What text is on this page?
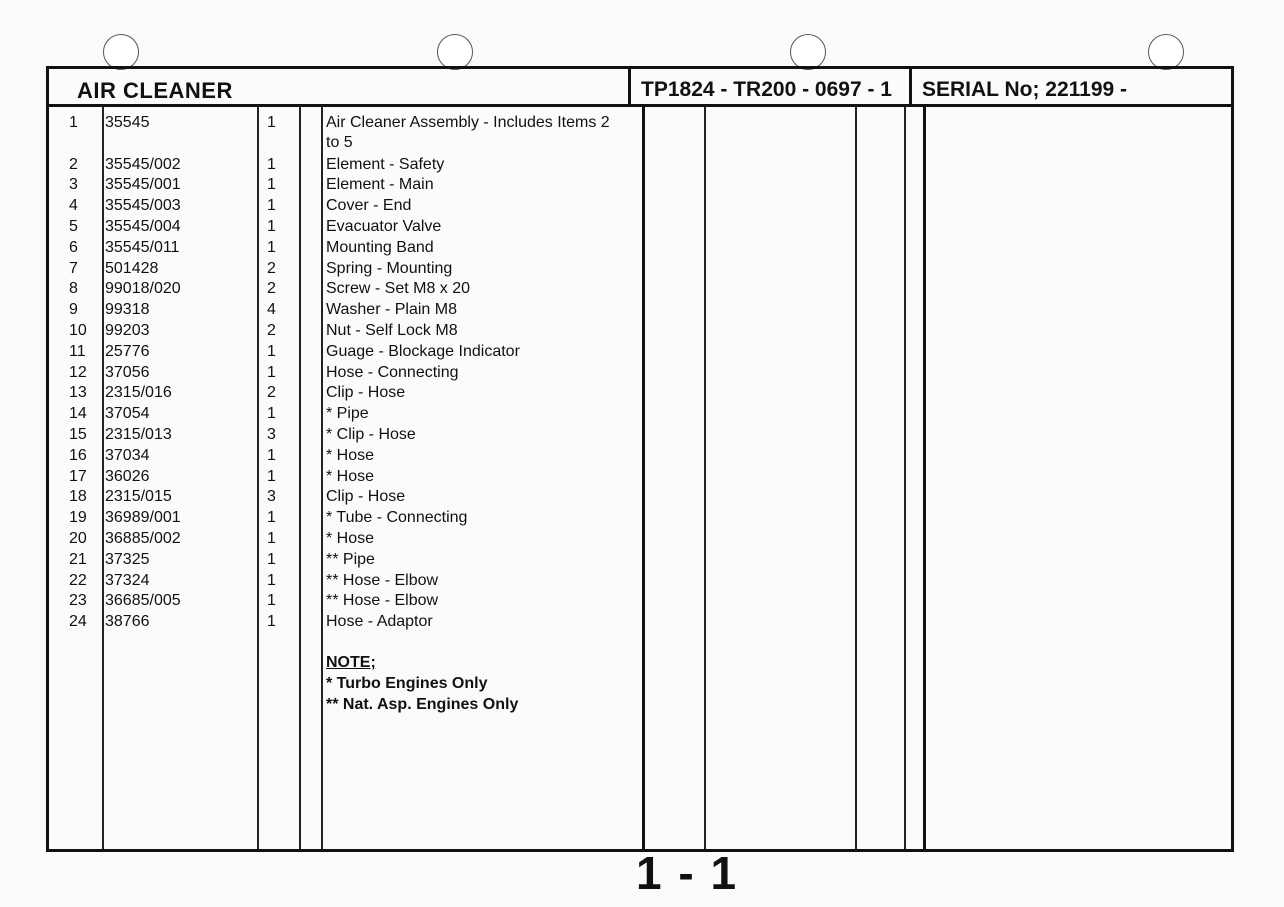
AIR CLEANER	TP1824 - TR200 - 0697 - 1 SERIAL No; 221199 -
1 35545	1	Air Cleaner Assembly - Includes Items 2 to 5
2 35545/002	1	Element - Safety
3 35545/001	1	Element - Main
4 35545/003	1	Cover - End
5 35545/004	1	Evacuator Valve
6 35545/011	1	Mounting Band
7 501428	2	Spring - Mounting
8 99018/020	2	Screw - Set M8 x 20
9 99318	4	Washer - Plain M8
10 99203	2	Nut - Self Lock M8
11 25776	1	Guage - Blockage Indicator
12 37056	1	Hose - Connecting
13 2315/016	2	Clip - Hose
14 37054	1	* Pipe
15 2315/013	3	* Clip - Hose
16 37034	1	* Hose
17 36026	1	* Hose
18 2315/015	3	Clip - Hose
19 36989/001	1	* Tube - Connecting
20 36885/002	1	* Hose
21 37325	1	** Pipe
22 37324	1	** Hose - Elbow
23 36685/005	1	** Hose - Elbow
24 38766	1	Hose - Adaptor
NOTE;
* Turbo Engines Only
** Nat. Asp. Engines Only
1 - 1
